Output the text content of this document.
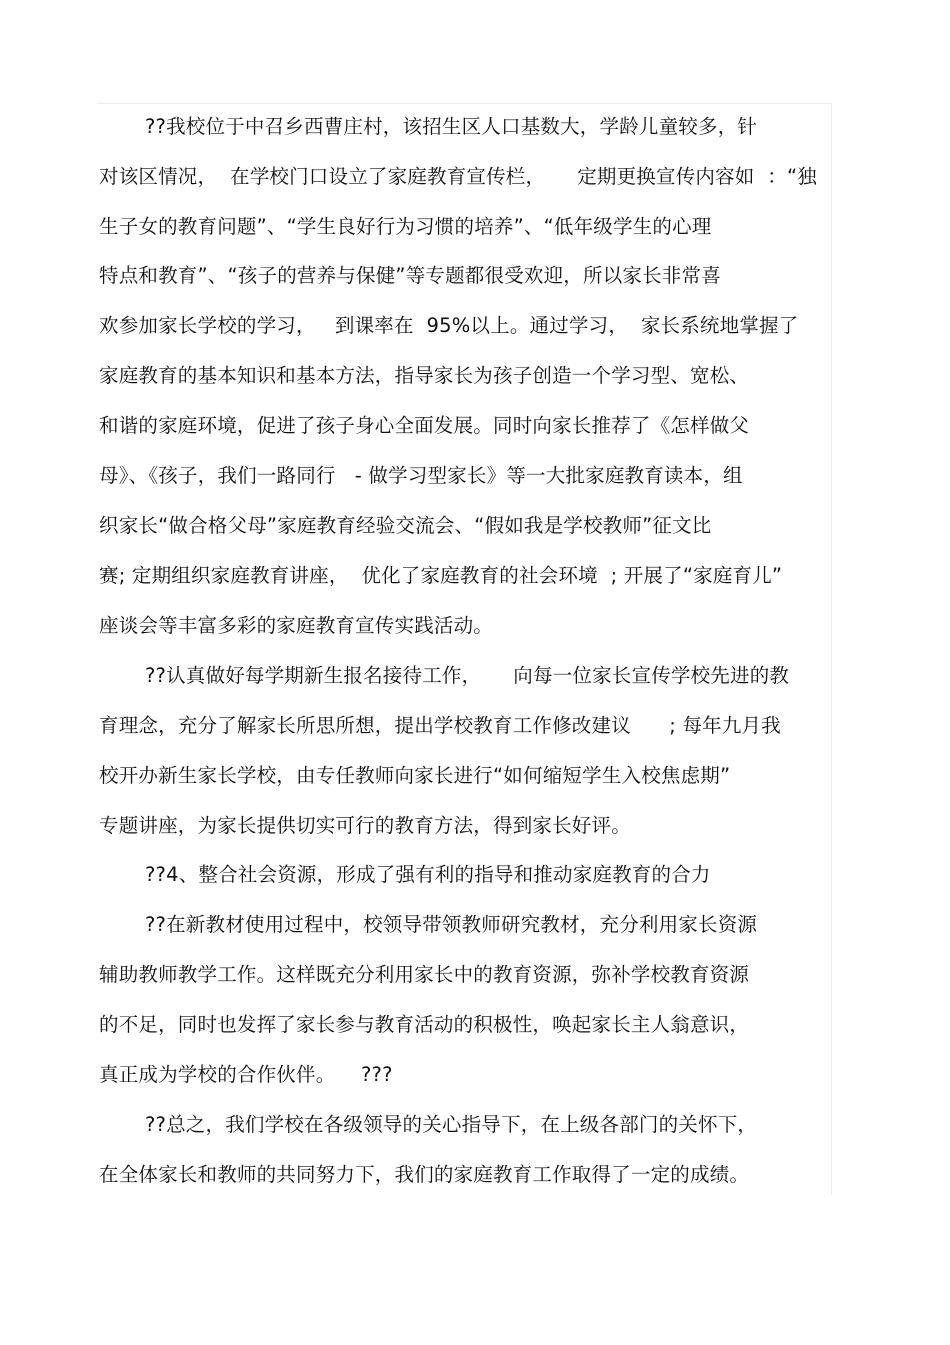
??我校位于中召乡西曹庄村，该招生区人口基数大，学龄儿童较多，针
对该区情况，  在学校门口设立了家庭教育宣传栏，     定期更换宣传内容如  ：“独
生子女的教育问题”、“学生良好行为习惯的培养”、“低年级学生的心理
特点和教育”、“孩子的营养与保健”等专题都很受欢迎，所以家长非常喜
欢参加家长学校的学习，   到课率在  95%以上。通过学习，  家长系统地掌握了
家庭教育的基本知识和基本方法，指导家长为孩子创造一个学习型、宽松、
和谐的家庭环境，促进了孩子身心全面发展。同时向家长推荐了《怎样做父
母》、《孩子，我们一路同行   - 做学习型家长》等一大批家庭教育读本，组
织家长“做合格父母”家庭教育经验交流会、“假如我是学校教师”征文比
赛; 定期组织家庭教育讲座，  优化了家庭教育的社会环境  ; 开展了“家庭育儿”
座谈会等丰富多彩的家庭教育宣传实践活动。
??认真做好每学期新生报名接待工作，     向每一位家长宣传学校先进的教
育理念，充分了解家长所思所想，提出学校教育工作修改建议      ; 每年九月我
校开办新生家长学校，由专任教师向家长进行“如何缩短学生入校焦虑期”
专题讲座，为家长提供切实可行的教育方法，得到家长好评。
??4、整合社会资源，形成了强有利的指导和推动家庭教育的合力
??在新教材使用过程中，校领导带领教师研究教材，充分利用家长资源
辅助教师教学工作。这样既充分利用家长中的教育资源，弥补学校教育资源
的不足，同时也发挥了家长参与教育活动的积极性，唤起家长主人翁意识，
真正成为学校的合作伙伴。    ???
??总之，我们学校在各级领导的关心指导下，在上级各部门的关怀下，
在全体家长和教师的共同努力下，我们的家庭教育工作取得了一定的成绩。
